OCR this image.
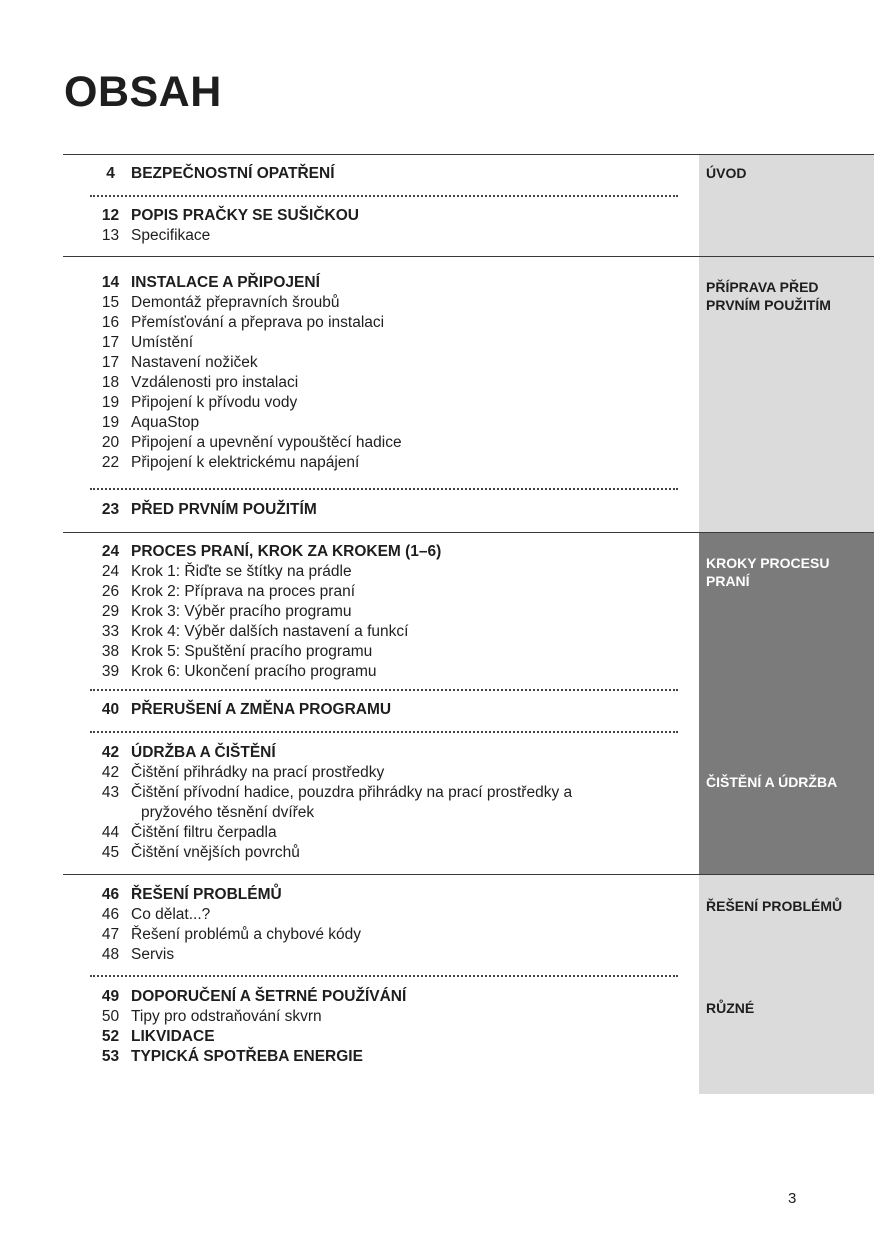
OBSAH
ÚVOD
PŘÍPRAVA PŘED PRVNÍM POUŽITÍM
KROKY PROCESU PRANÍ
ČIŠTĚNÍ A ÚDRŽBA
ŘEŠENÍ PROBLÉMŮ
RŮZNÉ
4 BEZPEČNOSTNÍ OPATŘENÍ
12 POPIS PRAČKY SE SUŠIČKOU
13 Specifikace
14 INSTALACE A PŘIPOJENÍ
15 Demontáž přepravních šroubů
16 Přemísťování a přeprava po instalaci
17 Umístění
17 Nastavení nožiček
18 Vzdálenosti pro instalaci
19 Připojení k přívodu vody
19 AquaStop
20 Připojení a upevnění vypouštěcí hadice
22 Připojení k elektrickému napájení
23 PŘED PRVNÍM POUŽITÍM
24 PROCES PRANÍ, KROK ZA KROKEM (1–6)
24 Krok 1: Řiďte se štítky na prádle
26 Krok 2: Příprava na proces praní
29 Krok 3: Výběr pracího programu
33 Krok 4: Výběr dalších nastavení a funkcí
38 Krok 5: Spuštění pracího programu
39 Krok 6: Ukončení pracího programu
40 PŘERUŠENÍ A ZMĚNA PROGRAMU
42 ÚDRŽBA A ČIŠTĚNÍ
42 Čištění přihrádky na prací prostředky
43 Čištění přívodní hadice, pouzdra přihrádky na prací prostředky a
pryžového těsnění dvířek
44 Čištění filtru čerpadla
45 Čištění vnějších povrchů
46 ŘEŠENÍ PROBLÉMŮ
46 Co dělat...?
47 Řešení problémů a chybové kódy
48 Servis
49 DOPORUČENÍ A ŠETRNÉ POUŽÍVÁNÍ
50 Tipy pro odstraňování skvrn
52 LIKVIDACE
53 TYPICKÁ SPOTŘEBA ENERGIE
3
